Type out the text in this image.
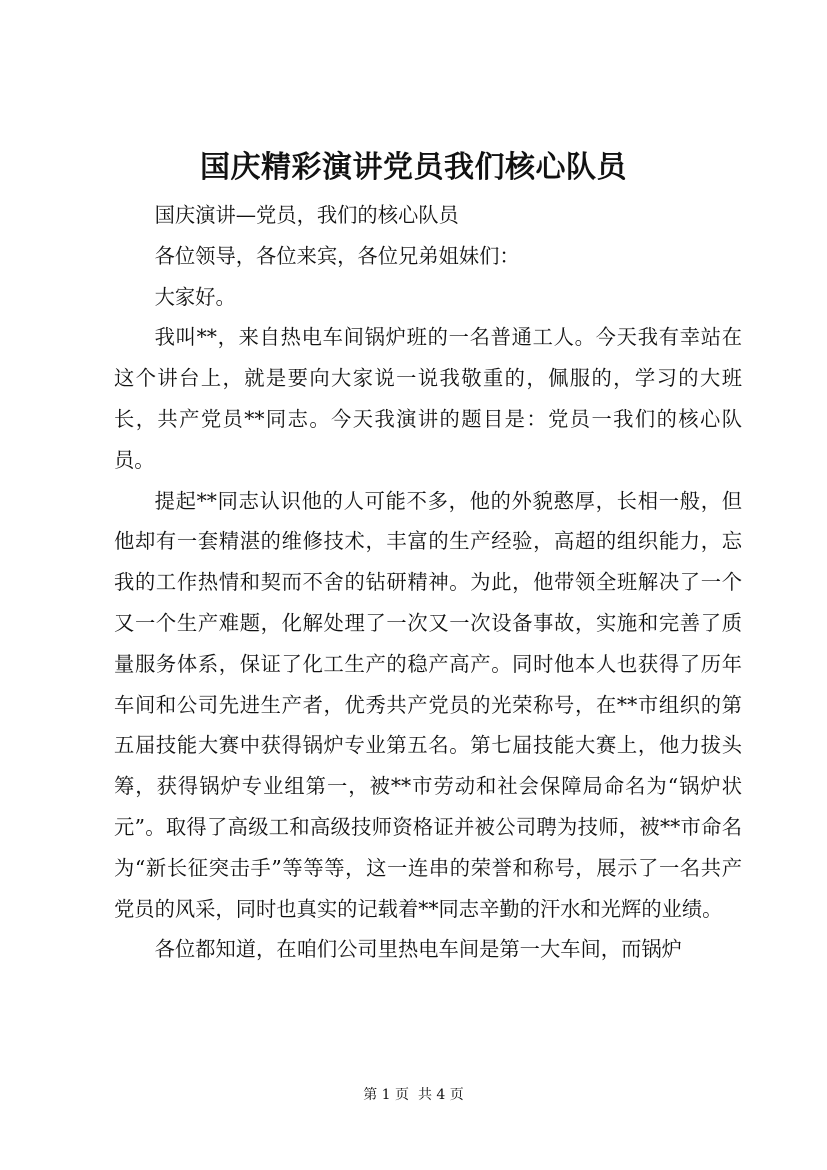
国庆精彩演讲党员我们核心队员

国庆演讲—党员，我们的核心队员

各位领导，各位来宾，各位兄弟姐妹们：

大家好。

我叫**，来自热电车间锅炉班的一名普通工人。今天我有幸站在这个讲台上，就是要向大家说一说我敬重的，佩服的，学习的大班长，共产党员**同志。今天我演讲的题目是：党员一我们的核心队员。

提起**同志认识他的人可能不多，他的外貌憨厚，长相一般，但他却有一套精湛的维修技术，丰富的生产经验，高超的组织能力，忘我的工作热情和契而不舍的钻研精神。为此，他带领全班解决了一个又一个生产难题，化解处理了一次又一次设备事故，实施和完善了质量服务体系，保证了化工生产的稳产高产。同时他本人也获得了历年车间和公司先进生产者，优秀共产党员的光荣称号，在**市组织的第五届技能大赛中获得锅炉专业第五名。第七届技能大赛上，他力拔头筹，获得锅炉专业组第一，被**市劳动和社会保障局命名为“锅炉状元”。取得了高级工和高级技师资格证并被公司聘为技师，被**市命名为“新长征突击手”等等等，这一连串的荣誉和称号，展示了一名共产党员的风采，同时也真实的记载着**同志辛勤的汗水和光辉的业绩。

各位都知道，在咱们公司里热电车间是第一大车间，而锅炉

第 1 页  共 4 页
